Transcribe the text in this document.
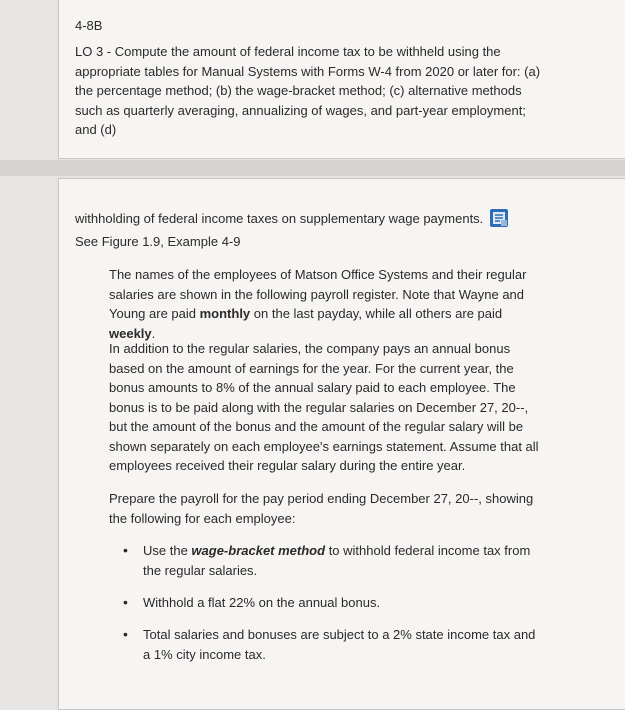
4-8B
LO 3 - Compute the amount of federal income tax to be withheld using the appropriate tables for Manual Systems with Forms W-4 from 2020 or later for: (a) the percentage method; (b) the wage-bracket method; (c) alternative methods such as quarterly averaging, annualizing of wages, and part-year employment; and (d)
withholding of federal income taxes on supplementary wage payments.See Figure 1.9, Example 4-9
The names of the employees of Matson Office Systems and their regular salaries are shown in the following payroll register. Note that Wayne and Young are paid monthly on the last payday, while all others are paid weekly.
In addition to the regular salaries, the company pays an annual bonus based on the amount of earnings for the year. For the current year, the bonus amounts to 8% of the annual salary paid to each employee. The bonus is to be paid along with the regular salaries on December 27, 20--, but the amount of the bonus and the amount of the regular salary will be shown separately on each employee's earnings statement. Assume that all employees received their regular salary during the entire year.
Prepare the payroll for the pay period ending December 27, 20--, showing the following for each employee:
• Use the wage-bracket method to withhold federal income tax from the regular salaries.
• Withhold a flat 22% on the annual bonus.
• Total salaries and bonuses are subject to a 2% state income tax and a 1% city income tax.
